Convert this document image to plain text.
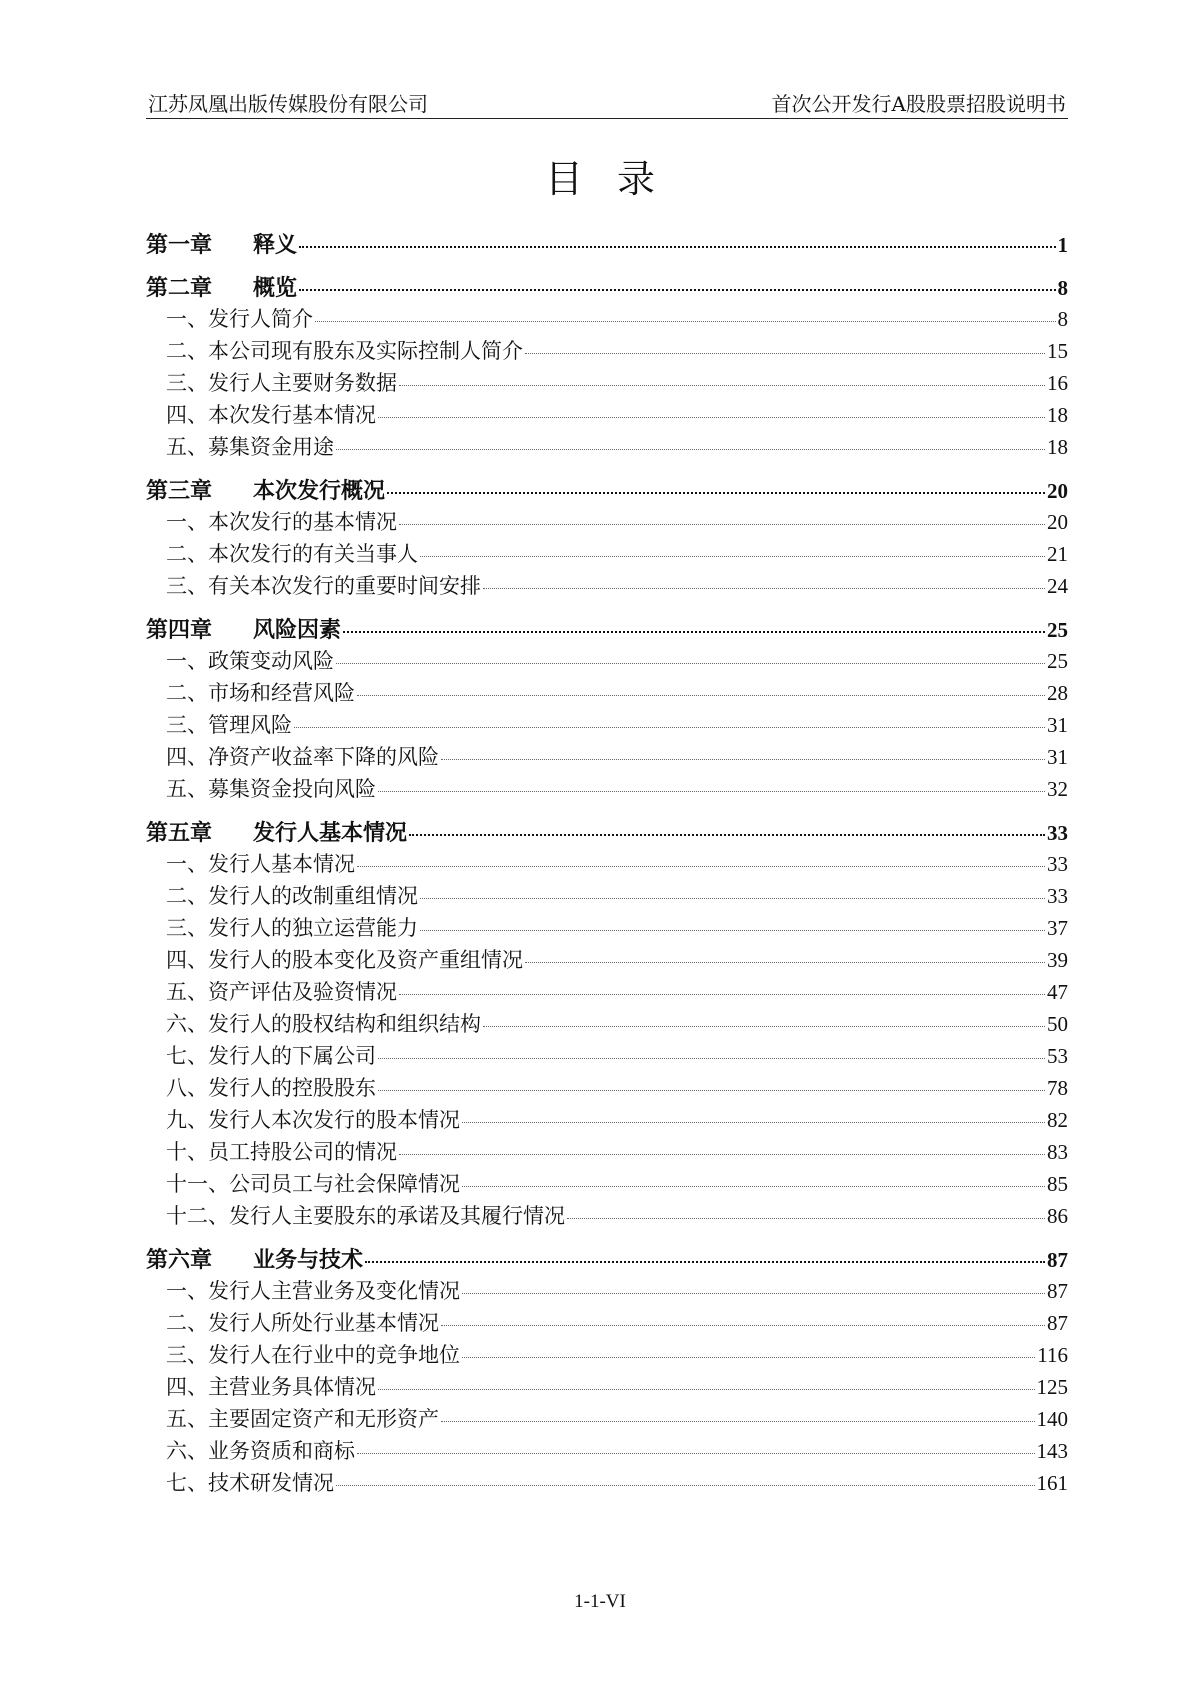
江苏凤凰出版传媒股份有限公司	首次公开发行A股股票招股说明书
目录
第一章 释义	1
第二章 概览	8
一、发行人简介	8
二、本公司现有股东及实际控制人简介	15
三、发行人主要财务数据	16
四、本次发行基本情况	18
五、募集资金用途	18
第三章 本次发行概况	20
一、本次发行的基本情况	20
二、本次发行的有关当事人	21
三、有关本次发行的重要时间安排	24
第四章 风险因素	25
一、政策变动风险	25
二、市场和经营风险	28
三、管理风险	31
四、净资产收益率下降的风险	31
五、募集资金投向风险	32
第五章 发行人基本情况	33
一、发行人基本情况	33
二、发行人的改制重组情况	33
三、发行人的独立运营能力	37
四、发行人的股本变化及资产重组情况	39
五、资产评估及验资情况	47
六、发行人的股权结构和组织结构	50
七、发行人的下属公司	53
八、发行人的控股股东	78
九、发行人本次发行的股本情况	82
十、员工持股公司的情况	83
十一、公司员工与社会保障情况	85
十二、发行人主要股东的承诺及其履行情况	86
第六章 业务与技术	87
一、发行人主营业务及变化情况	87
二、发行人所处行业基本情况	87
三、发行人在行业中的竞争地位	116
四、主营业务具体情况	125
五、主要固定资产和无形资产	140
六、业务资质和商标	143
七、技术研发情况	161
1-1-VI
